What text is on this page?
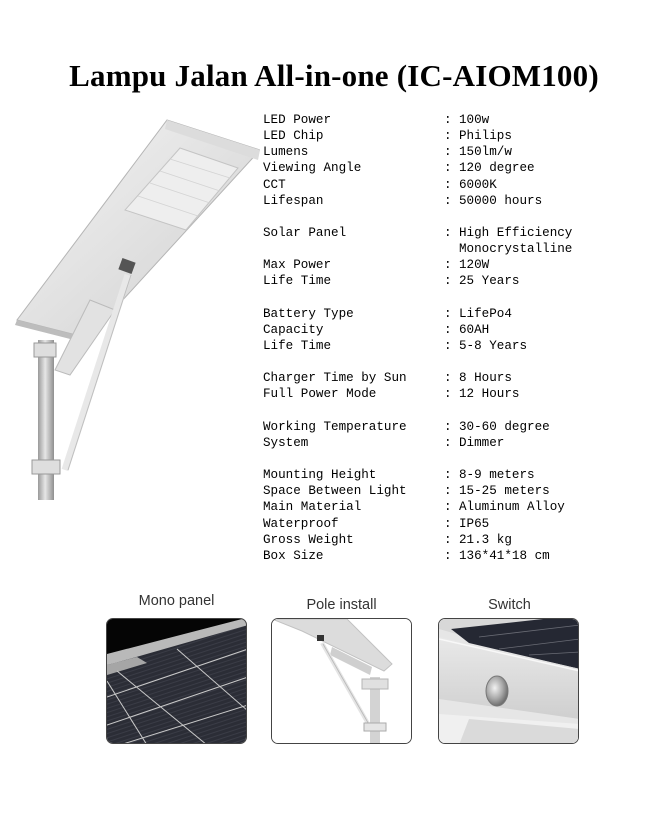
Lampu Jalan All-in-one (IC-AIOM100)
LED Power	: 100w
LED Chip	: Philips
Lumens	: 150lm/w
Viewing Angle	: 120 degree
CCT	: 6000K
Lifespan	: 50000 hours
Solar Panel	: High Efficiency
Monocrystalline
Max Power	: 120W
Life Time	: 25 Years
Battery Type	: LifePo4
Capacity	: 60AH
Life Time	: 5-8 Years
Charger Time by Sun	: 8 Hours
Full Power Mode	: 12 Hours
Working Temperature	: 30-60 degree
System	: Dimmer
Mounting Height	: 8-9 meters
Space Between Light	: 15-25 meters
Main Material	: Aluminum Alloy
Waterproof	: IP65
Gross Weight	: 21.3 kg
Box Size	: 136*41*18 cm
Mono panel	Pole install	Switch
